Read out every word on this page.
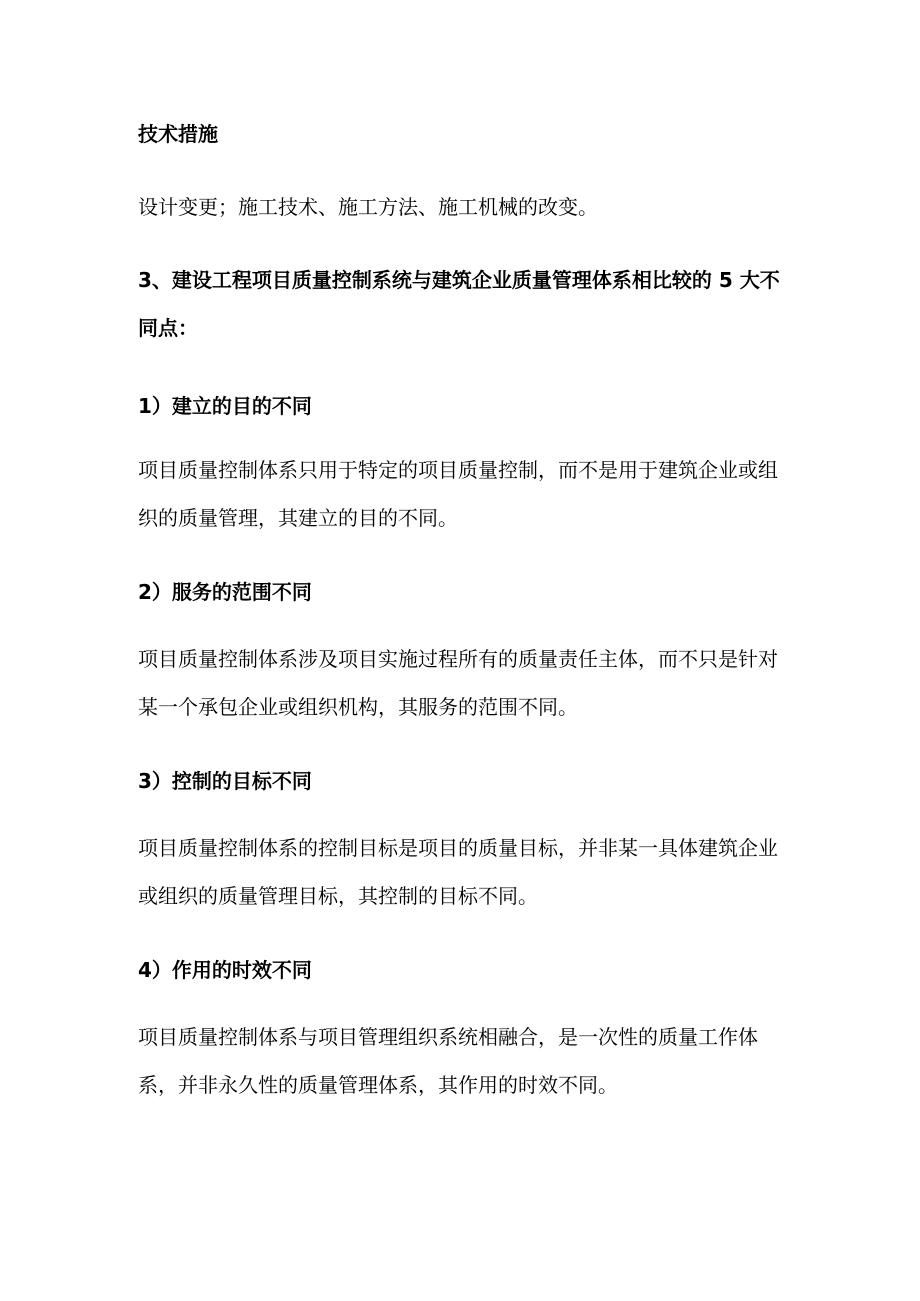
技术措施
设计变更；施工技术、施工方法、施工机械的改变。
3、建设工程项目质量控制系统与建筑企业质量管理体系相比较的 5 大不
同点：
1）建立的目的不同
项目质量控制体系只用于特定的项目质量控制，而不是用于建筑企业或组
织的质量管理，其建立的目的不同。
2）服务的范围不同
项目质量控制体系涉及项目实施过程所有的质量责任主体，而不只是针对
某一个承包企业或组织机构，其服务的范围不同。
3）控制的目标不同
项目质量控制体系的控制目标是项目的质量目标，并非某一具体建筑企业
或组织的质量管理目标，其控制的目标不同。
4）作用的时效不同
项目质量控制体系与项目管理组织系统相融合，是一次性的质量工作体
系，并非永久性的质量管理体系，其作用的时效不同。
